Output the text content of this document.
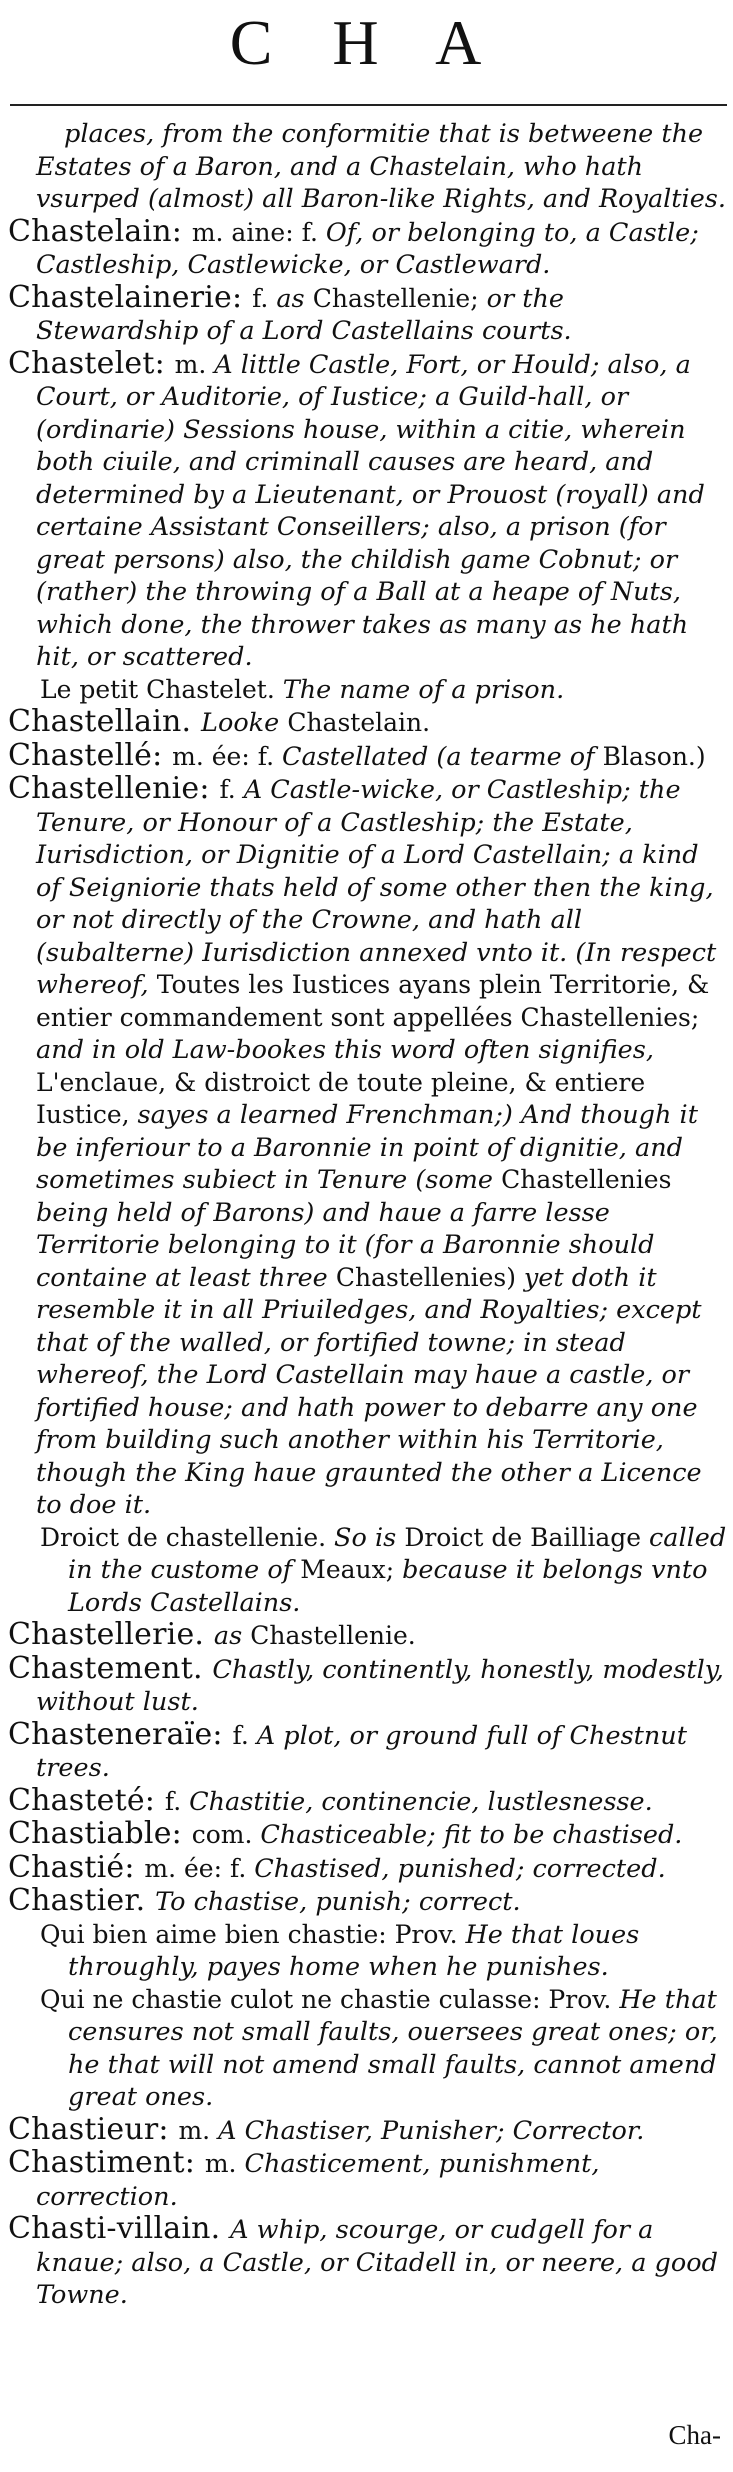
C H A

places, from the conformitie that is betweene the Estates of a Baron, and a Chastelain, who hath vsurped (almost) all Baron-like Rights, and Royalties.

Chastelain: m. aine: f. Of, or belonging to, a Castle; Castleship, Castlewicke, or Castleward.

Chastelainerie: f. as Chastellenie; or the Stewardship of a Lord Castellains courts.

Chastelet: m. A little Castle, Fort, or Hould; also, a Court, or Auditorie, of Iustice; a Guild-hall, or (ordinarie) Sessions house, within a citie, wherein both ciuile, and criminall causes are heard, and determined by a Lieutenant, or Prouost (royall) and certaine Assistant Conseillers; also, a prison (for great persons) also, the childish game Cobnut; or (rather) the throwing of a Ball at a heape of Nuts, which done, the thrower takes as many as he hath hit, or scattered.

Le petit Chastelet. The name of a prison.

Chastellain. Looke Chastelain.

Chastellé: m. ée: f. Castellated (a tearme of Blason.)

Chastellenie: f. A Castle-wicke, or Castleship; the Tenure, or Honour of a Castleship; the Estate, Iurisdiction, or Dignitie of a Lord Castellain; a kind of Seigniorie thats held of some other then the king, or not directly of the Crowne, and hath all (subalterne) Iurisdiction annexed vnto it. (In respect whereof, Toutes les Iustices ayans plein Territorie, & entier commandement sont appellées Chastellenies; and in old Law-bookes this word often signifies, L'enclaue, & distroict de toute pleine, & entiere Iustice, sayes a learned Frenchman;) And though it be inferiour to a Baronnie in point of dignitie, and sometimes subiect in Tenure (some Chastellenies being held of Barons) and haue a farre lesse Territorie belonging to it (for a Baronnie should containe at least three Chastellenies) yet doth it resemble it in all Priuiledges, and Royalties; except that of the walled, or fortified towne; in stead whereof, the Lord Castellain may haue a castle, or fortified house; and hath power to debarre any one from building such another within his Territorie, though the King haue graunted the other a Licence to doe it.

Droict de chastellenie. So is Droict de Bailliage called in the custome of Meaux; because it belongs vnto Lords Castellains.

Chastellerie. as Chastellenie.

Chastement. Chastly, continently, honestly, modestly, without lust.

Chasteneraïe: f. A plot, or ground full of Chestnut trees.

Chasteté: f. Chastitie, continencie, lustlesnesse.

Chastiable: com. Chasticeable; fit to be chastised.

Chastié: m. ée: f. Chastised, punished; corrected.

Chastier. To chastise, punish; correct.

Qui bien aime bien chastie: Prov. He that loues throughly, payes home when he punishes.

Qui ne chastie culot ne chastie culasse: Prov. He that censures not small faults, ouersees great ones; or, he that will not amend small faults, cannot amend great ones.

Chastieur: m. A Chastiser, Punisher; Corrector.

Chastiment: m. Chasticement, punishment, correction.

Chasti-villain. A whip, scourge, or cudgell for a knaue; also, a Castle, or Citadell in, or neere, a good Towne.

Cha-
